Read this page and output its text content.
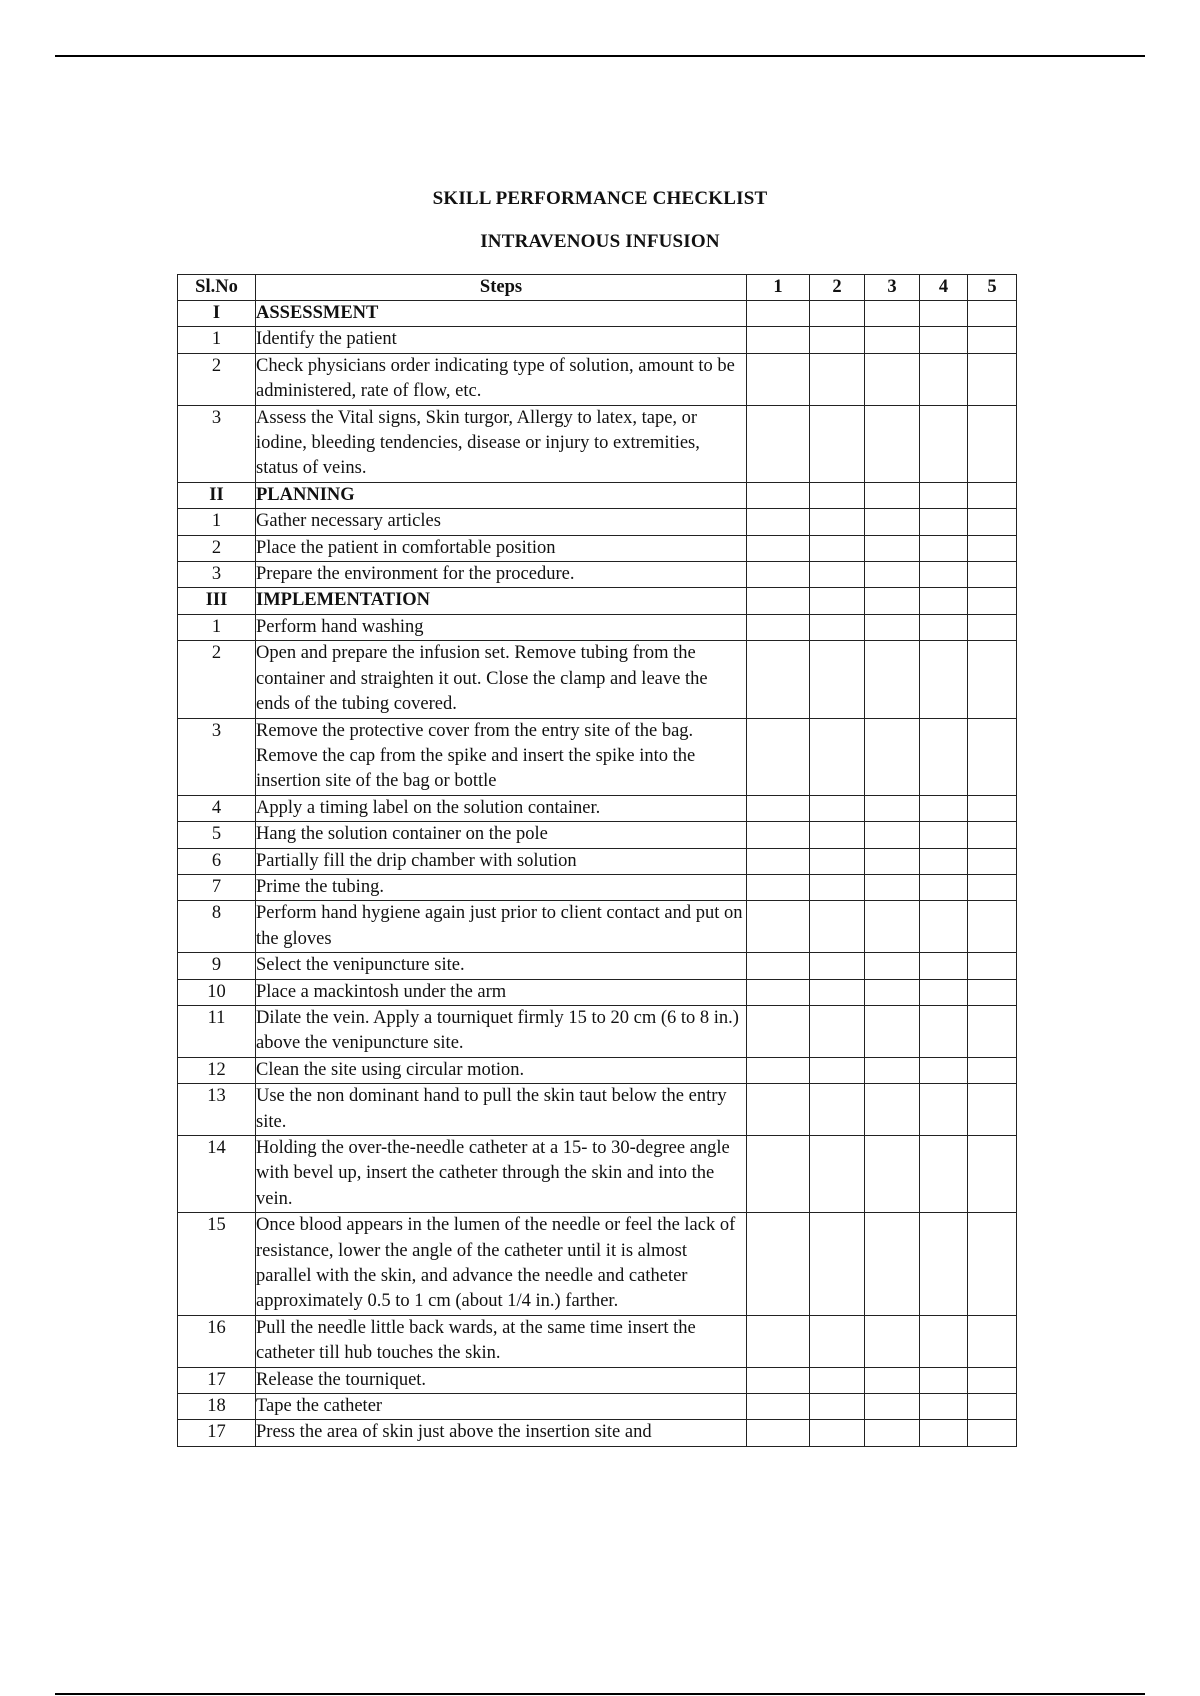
SKILL PERFORMANCE CHECKLIST
INTRAVENOUS INFUSION
Sl.No	Steps	1	2	3	4	5
I	ASSESSMENT					
1	Identify the patient					
2	Check physicians order indicating type of solution, amount to be administered, rate of flow, etc.					
3	Assess the Vital signs, Skin turgor, Allergy to latex, tape, or iodine, bleeding tendencies, disease or injury to extremities, status of veins.					
II	PLANNING					
1	Gather necessary articles					
2	Place the patient in comfortable position					
3	Prepare the environment for the procedure.					
III	IMPLEMENTATION					
1	Perform hand washing					
2	Open and prepare the infusion set. Remove tubing from the container and straighten it out. Close the clamp and leave the ends of the tubing covered.					
3	Remove the protective cover from the entry site of the bag. Remove the cap from the spike and insert the spike into the insertion site of the bag or bottle					
4	Apply a timing label on the solution container.					
5	Hang the solution container on the pole					
6	Partially fill the drip chamber with solution					
7	Prime the tubing.					
8	Perform hand hygiene again just prior to client contact and put on the gloves					
9	Select the venipuncture site.					
10	Place a mackintosh under the arm					
11	Dilate the vein. Apply a tourniquet firmly 15 to 20 cm (6 to 8 in.) above the venipuncture site.					
12	Clean the site using circular motion.					
13	Use the non dominant hand to pull the skin taut below the entry site.					
14	Holding the over-the-needle catheter at a 15- to 30-degree angle with bevel up, insert the catheter through the skin and into the vein.					
15	Once blood appears in the lumen of the needle or feel the lack of resistance, lower the angle of the catheter until it is almost parallel with the skin, and advance the needle and catheter approximately 0.5 to 1 cm (about 1/4 in.) farther.					
16	Pull the needle little back wards, at the same time insert the catheter till hub touches the skin.					
17	Release the tourniquet.					
18	Tape the catheter					
17	Press the area of skin just above the insertion site and					
